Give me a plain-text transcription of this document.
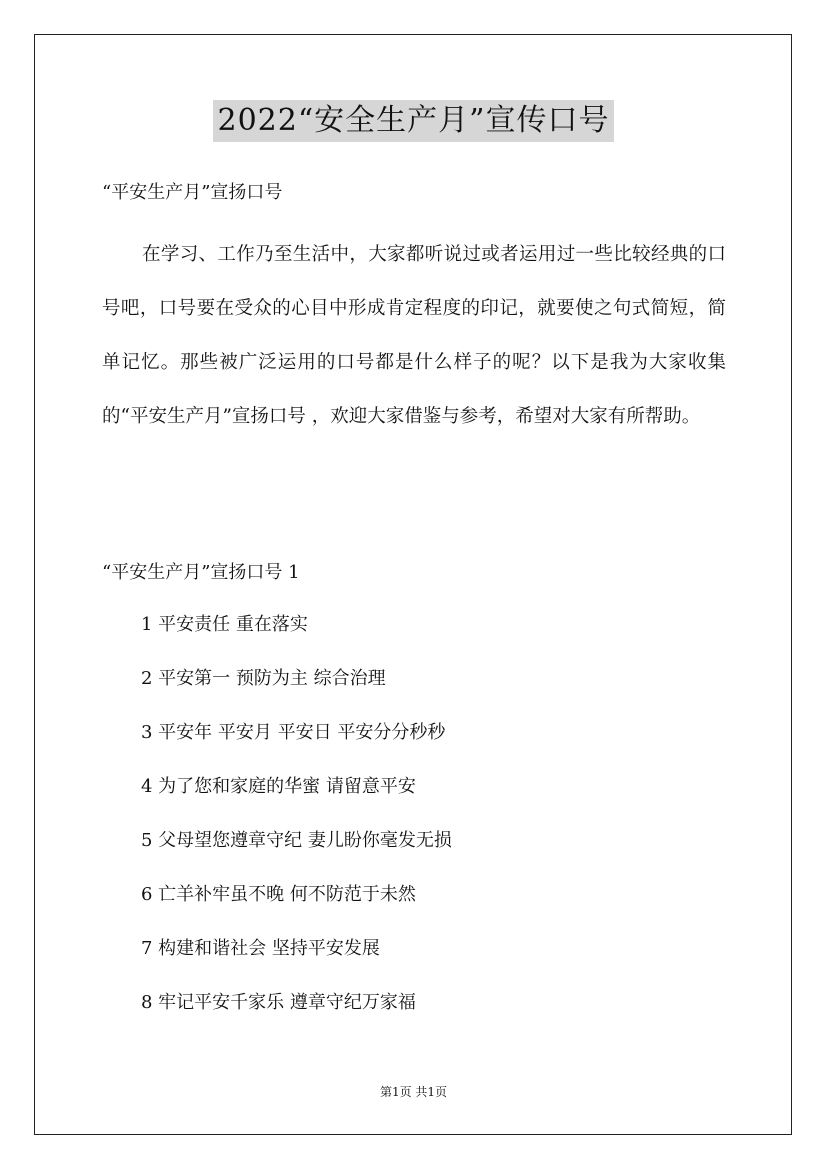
2022“安全生产月”宣传口号
“平安生产月”宣扬口号

在学习、工作乃至生活中，大家都听说过或者运用过一些比较经典的口号吧，口号要在受众的心目中形成肯定程度的印记，就要使之句式简短，简单记忆。那些被广泛运用的口号都是什么样子的呢？以下是我为大家收集的“平安生产月”宣扬口号 ，欢迎大家借鉴与参考，希望对大家有所帮助。

“平安生产月”宣扬口号 1
1 平安责任 重在落实
2 平安第一 预防为主 综合治理
3 平安年 平安月 平安日 平安分分秒秒
4 为了您和家庭的华蜜 请留意平安
5 父母望您遵章守纪 妻儿盼你毫发无损
6 亡羊补牢虽不晚 何不防范于未然
7 构建和谐社会 坚持平安发展
8 牢记平安千家乐 遵章守纪万家福
第1页 共1页
